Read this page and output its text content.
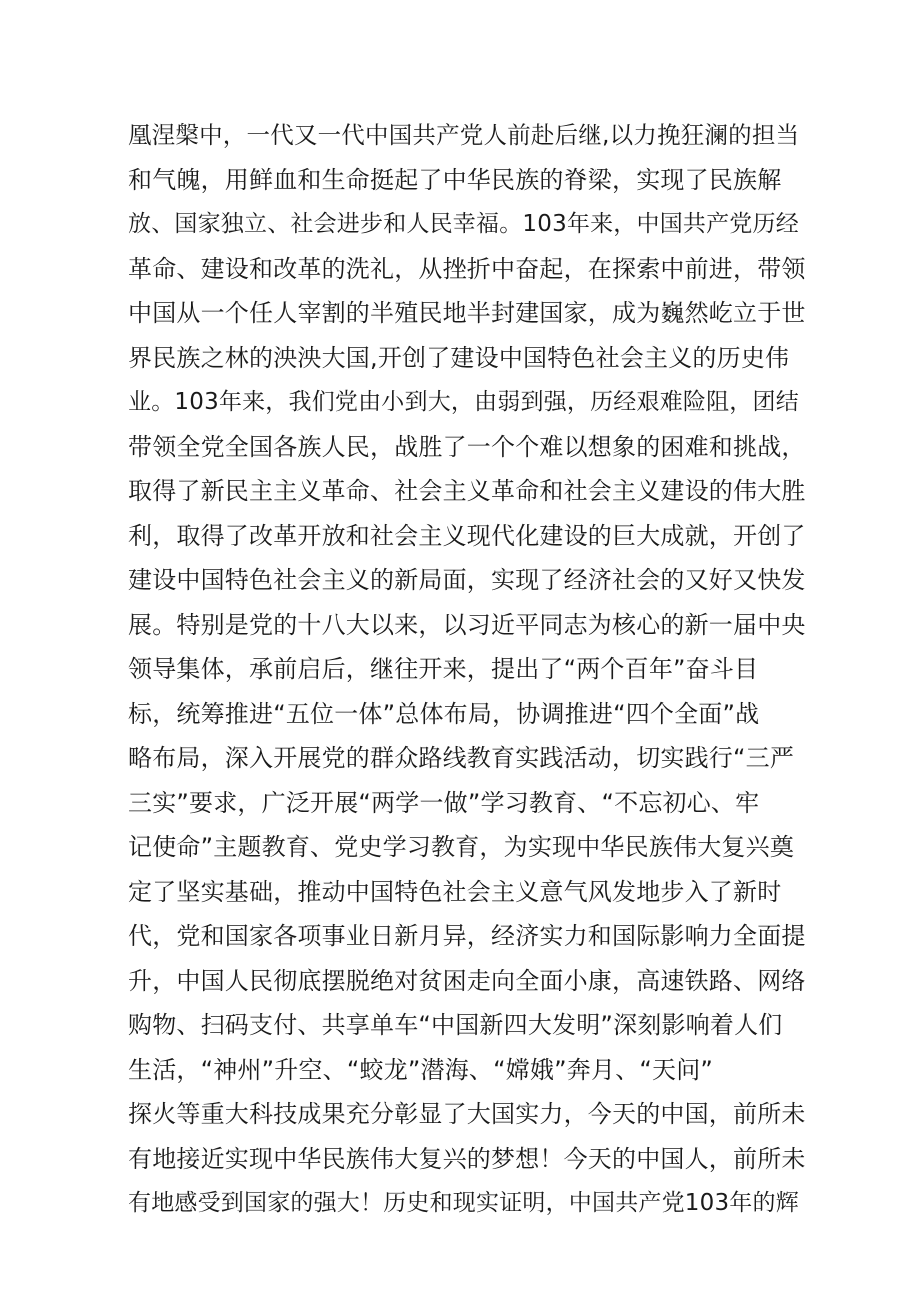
凰涅槃中，一代又一代中国共产党人前赴后继,以力挽狂澜的担当
和气魄，用鲜血和生命挺起了中华民族的脊梁，实现了民族解
放、国家独立、社会进步和人民幸福。103年来，中国共产党历经
革命、建设和改革的洗礼，从挫折中奋起，在探索中前进，带领
中国从一个任人宰割的半殖民地半封建国家，成为巍然屹立于世
界民族之林的泱泱大国,开创了建设中国特色社会主义的历史伟
业。103年来，我们党由小到大，由弱到强，历经艰难险阻，团结
带领全党全国各族人民，战胜了一个个难以想象的困难和挑战，
取得了新民主主义革命、社会主义革命和社会主义建设的伟大胜
利，取得了改革开放和社会主义现代化建设的巨大成就，开创了
建设中国特色社会主义的新局面，实现了经济社会的又好又快发
展。特别是党的十八大以来，以习近平同志为核心的新一届中央
领导集体，承前启后，继往开来，提出了“两个百年”奋斗目
标，统筹推进“五位一体”总体布局，协调推进“四个全面”战
略布局，深入开展党的群众路线教育实践活动，切实践行“三严
三实”要求，广泛开展“两学一做”学习教育、“不忘初心、牢
记使命”主题教育、党史学习教育，为实现中华民族伟大复兴奠
定了坚实基础，推动中国特色社会主义意气风发地步入了新时
代，党和国家各项事业日新月异，经济实力和国际影响力全面提
升，中国人民彻底摆脱绝对贫困走向全面小康，高速铁路、网络
购物、扫码支付、共享单车“中国新四大发明”深刻影响着人们
生活，“神州”升空、“蛟龙”潜海、“嫦娥”奔月、“天问”
探火等重大科技成果充分彰显了大国实力，今天的中国，前所未
有地接近实现中华民族伟大复兴的梦想！今天的中国人，前所未
有地感受到国家的强大！历史和现实证明，中国共产党103年的辉
